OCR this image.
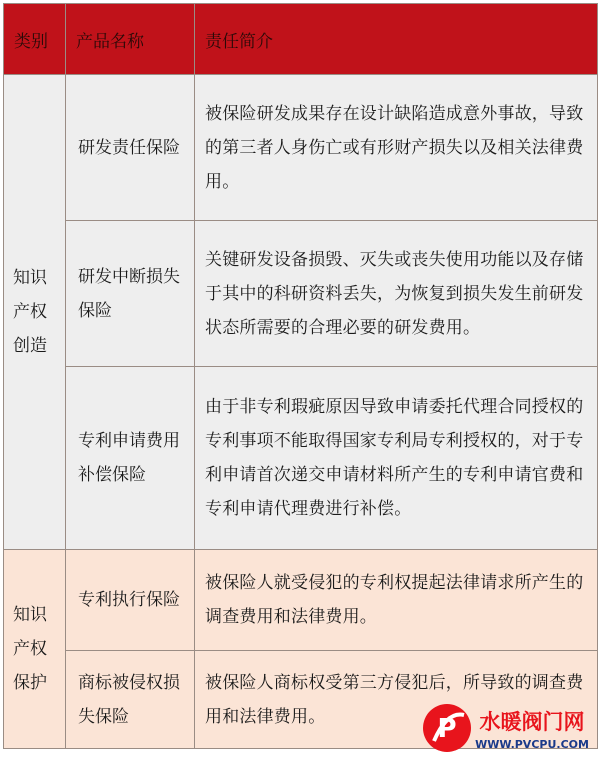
类别	产品名称	责任简介
知识产权创造	研发责任保险	被保险研发成果存在设计缺陷造成意外事故，导致的第三者人身伤亡或有形财产损失以及相关法律费用。
	研发中断损失保险	关键研发设备损毁、灭失或丧失使用功能以及存储于其中的科研资料丢失，为恢复到损失发生前研发状态所需要的合理必要的研发费用。
	专利申请费用补偿保险	由于非专利瑕疵原因导致申请委托代理合同授权的专利事项不能取得国家专利局专利授权的，对于专利申请首次递交申请材料所产生的专利申请官费和专利申请代理费进行补偿。
知识产权保护	专利执行保险	被保险人就受侵犯的专利权提起法律请求所产生的调查费用和法律费用。
	商标被侵权损失保险	被保险人商标权受第三方侵犯后，所导致的调查费用和法律费用。	P 水暖阀门网
WWW.PVCPU.COM
